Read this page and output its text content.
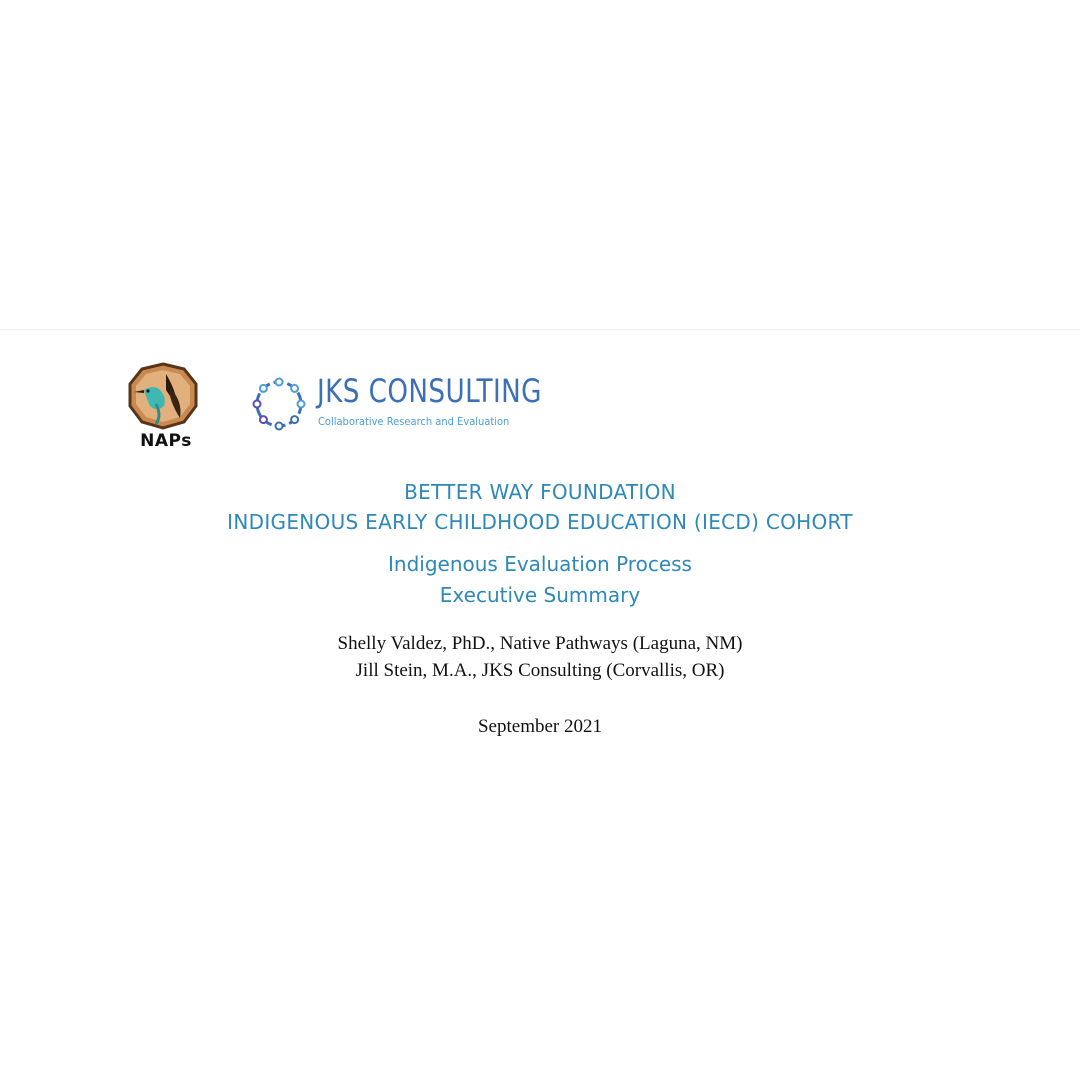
NAPs
JKS CONSULTING
Collaborative Research and Evaluation
BETTER WAY FOUNDATION
INDIGENOUS EARLY CHILDHOOD EDUCATION (IECD) COHORT
Indigenous Evaluation Process
Executive Summary
Shelly Valdez, PhD., Native Pathways (Laguna, NM)
Jill Stein, M.A., JKS Consulting (Corvallis, OR)
September 2021
